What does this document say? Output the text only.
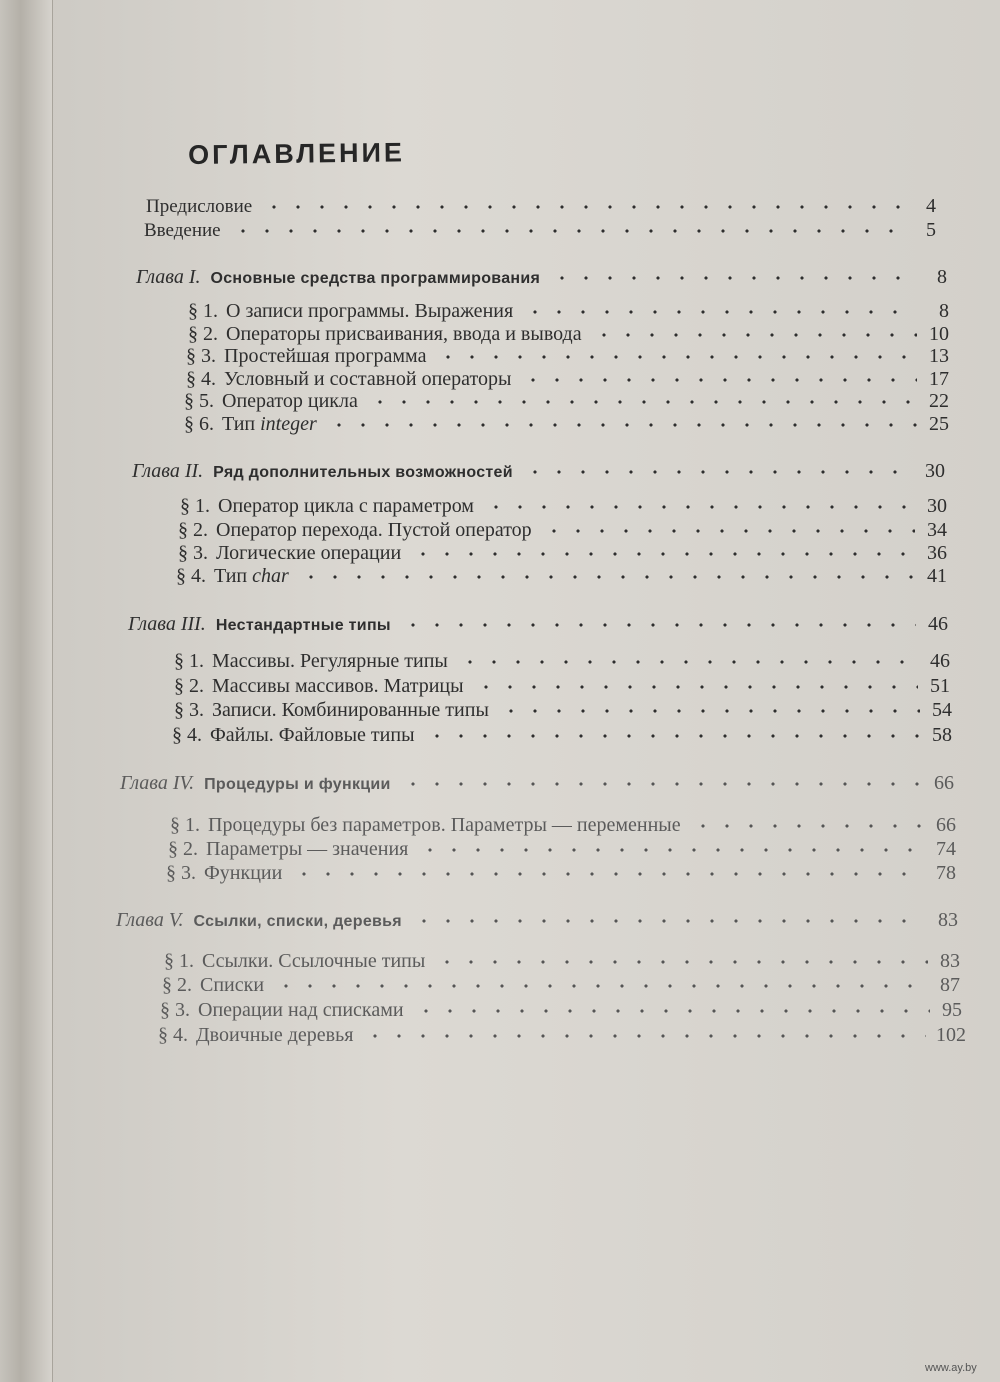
ОГЛАВЛЕНИЕ
Предисловие	4
Введение	5
Глава I. Основные средства программирования	8
§ 1. О записи программы. Выражения	8
§ 2. Операторы присваивания, ввода и вывода	10
§ 3. Простейшая программа	13
§ 4. Условный и составной операторы	17
§ 5. Оператор цикла	22
§ 6. Тип integer	25
Глава II. Ряд дополнительных возможностей	30
§ 1. Оператор цикла с параметром	30
§ 2. Оператор перехода. Пустой оператор	34
§ 3. Логические операции	36
§ 4. Тип char	41
Глава III. Нестандартные типы	46
§ 1. Массивы. Регулярные типы	46
§ 2. Массивы массивов. Матрицы	51
§ 3. Записи. Комбинированные типы	54
§ 4. Файлы. Файловые типы	58
Глава IV. Процедуры и функции	66
§ 1. Процедуры без параметров. Параметры — переменные	66
§ 2. Параметры — значения	74
§ 3. Функции	78
Глава V. Ссылки, списки, деревья	83
§ 1. Ссылки. Ссылочные типы	83
§ 2. Списки	87
§ 3. Операции над списками	95
§ 4. Двоичные деревья	102
www.ay.by
